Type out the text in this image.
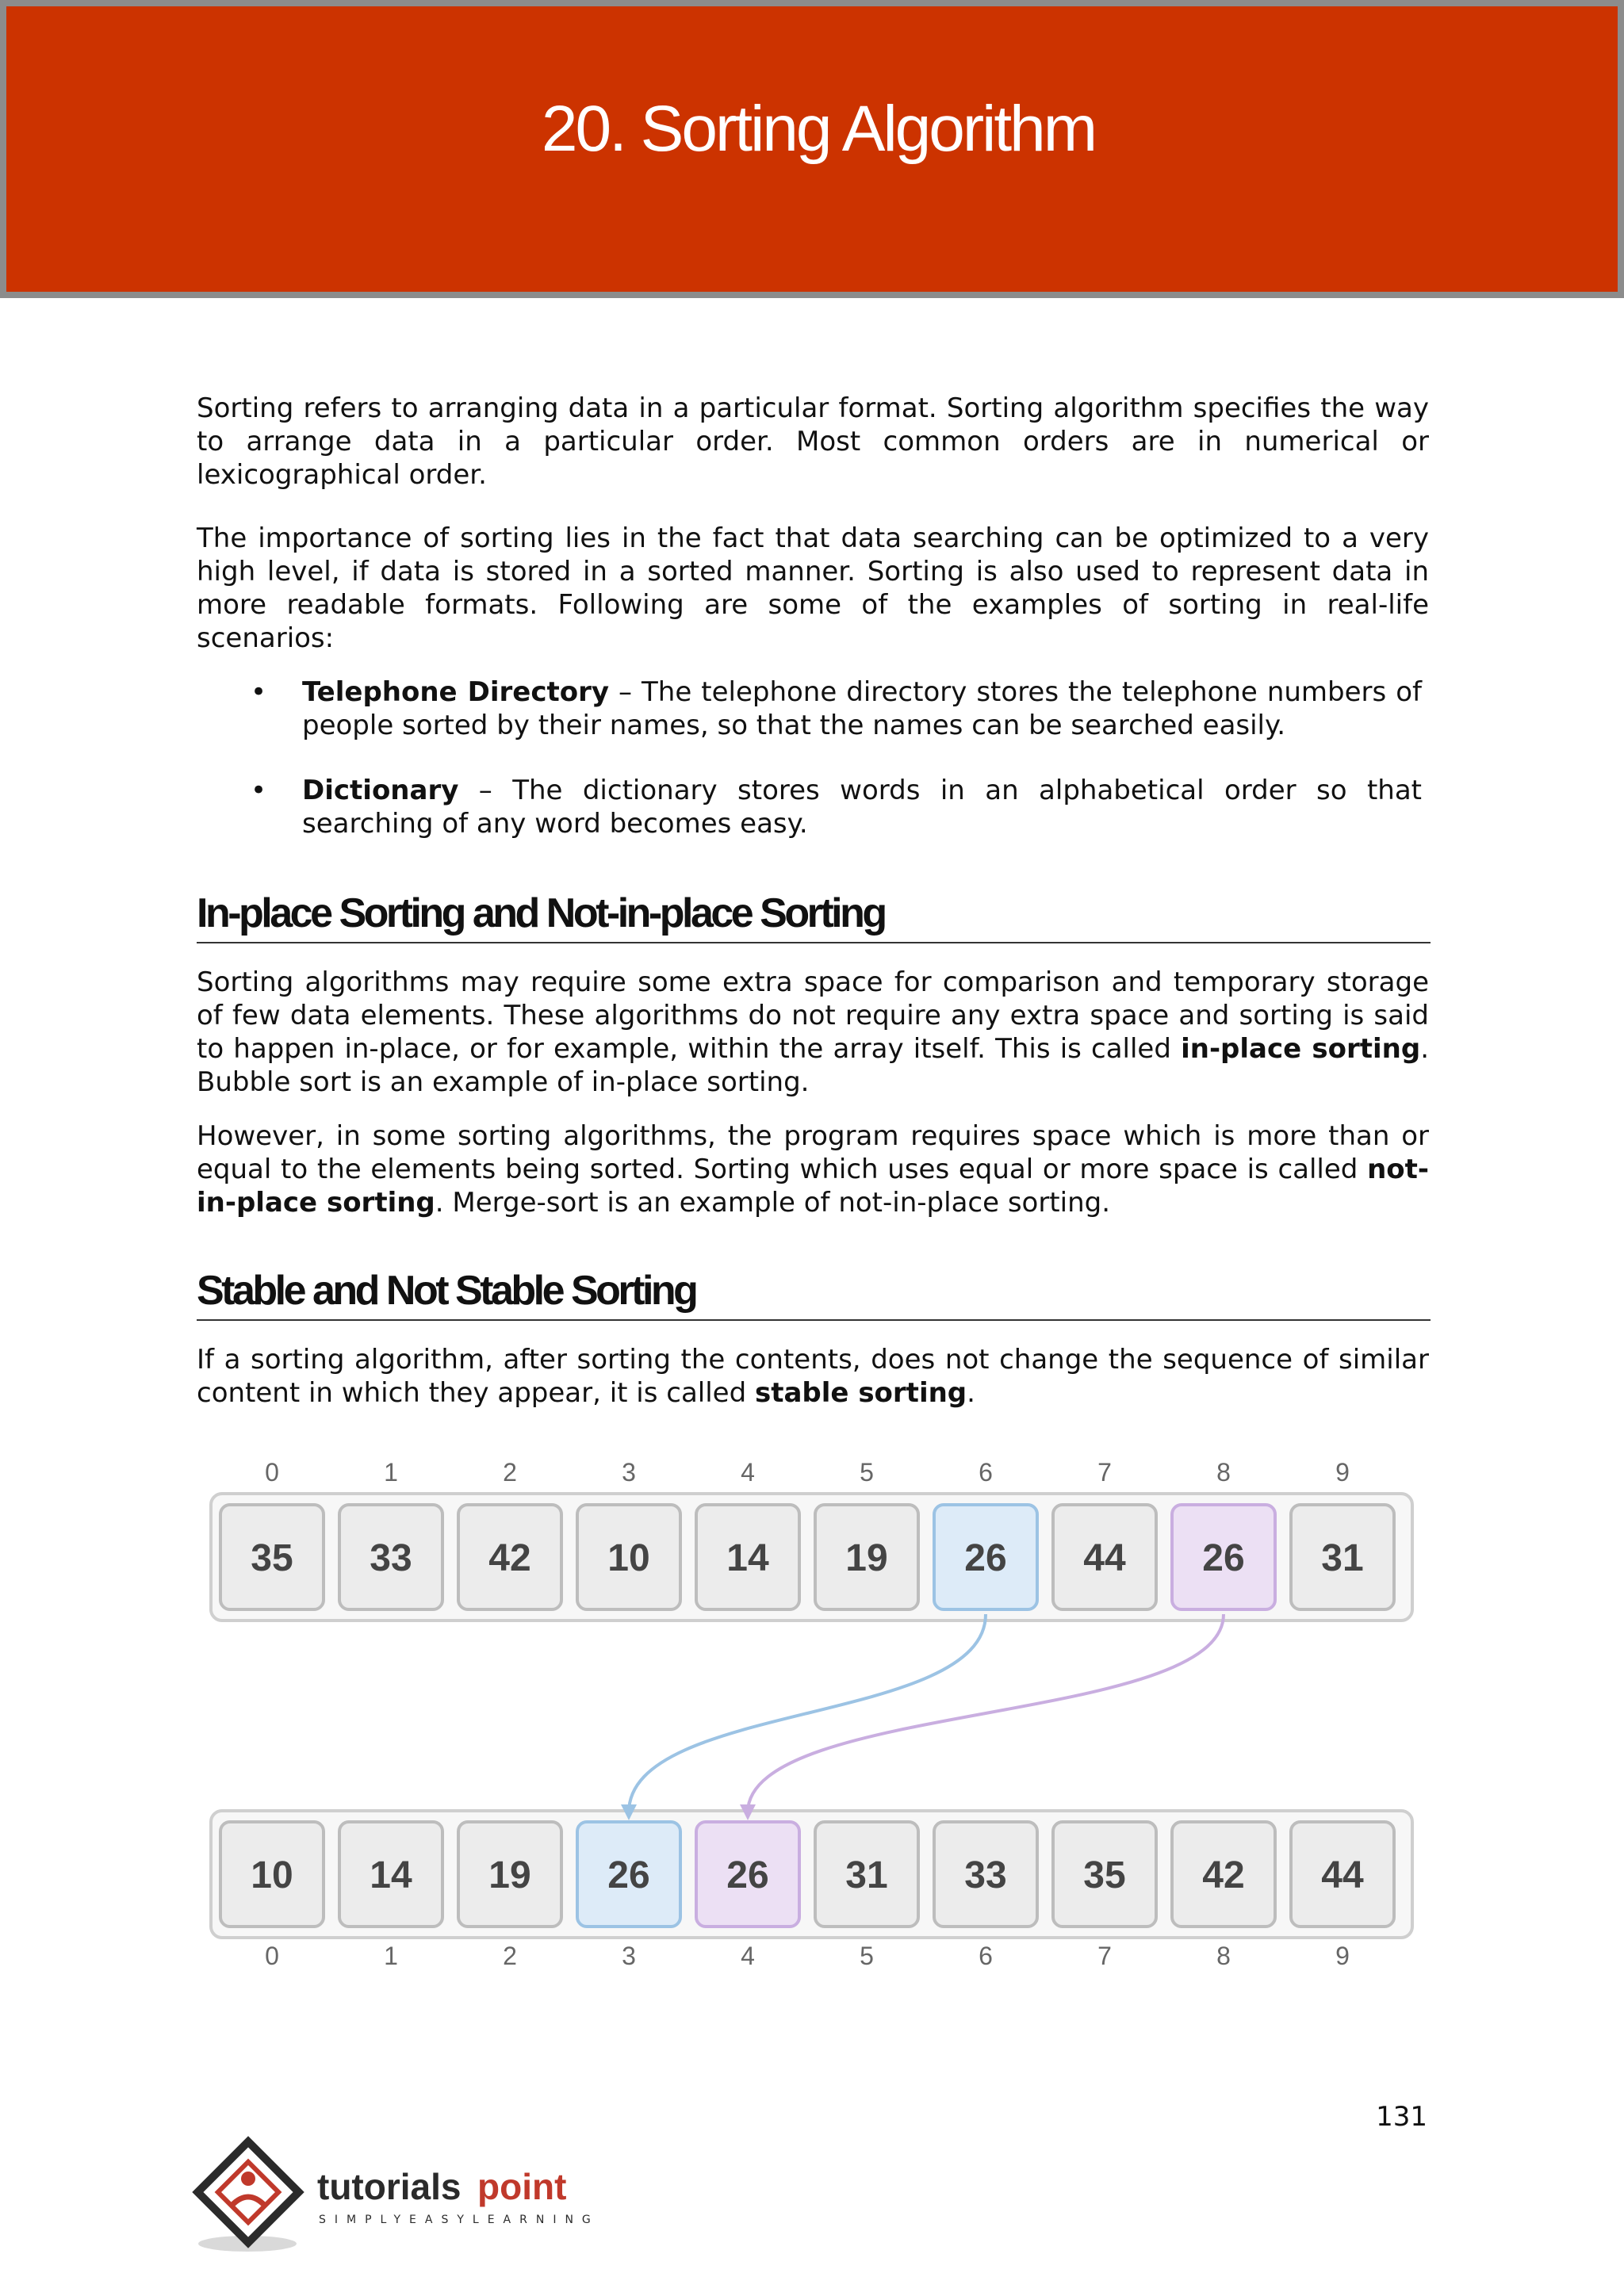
20. Sorting Algorithm

Sorting refers to arranging data in a particular format. Sorting algorithm specifies the way to arrange data in a particular order. Most common orders are in numerical or lexicographical order.

The importance of sorting lies in the fact that data searching can be optimized to a very high level, if data is stored in a sorted manner. Sorting is also used to represent data in more readable formats. Following are some of the examples of sorting in real-life scenarios:

• Telephone Directory – The telephone directory stores the telephone numbers of people sorted by their names, so that the names can be searched easily.
• Dictionary – The dictionary stores words in an alphabetical order so that searching of any word becomes easy.
In-place Sorting and Not-in-place Sorting

Sorting algorithms may require some extra space for comparison and temporary storage of few data elements. These algorithms do not require any extra space and sorting is said to happen in-place, or for example, within the array itself. This is called in-place sorting. Bubble sort is an example of in-place sorting.

However, in some sorting algorithms, the program requires space which is more than or equal to the elements being sorted. Sorting which uses equal or more space is called not-in-place sorting. Merge-sort is an example of not-in-place sorting.

Stable and Not Stable Sorting

If a sorting algorithm, after sorting the contents, does not change the sequence of similar content in which they appear, it is called stable sorting.

35
0
33
1
42
2
10
3
14
4
19
5
26
6
44
7
26
8
31
9
10
0
14
1
19
2
26
3
26
4
31
5
33
6
35
7
42
8
44
9
131
tutorials point
SIMPLYEASYLEARNING
